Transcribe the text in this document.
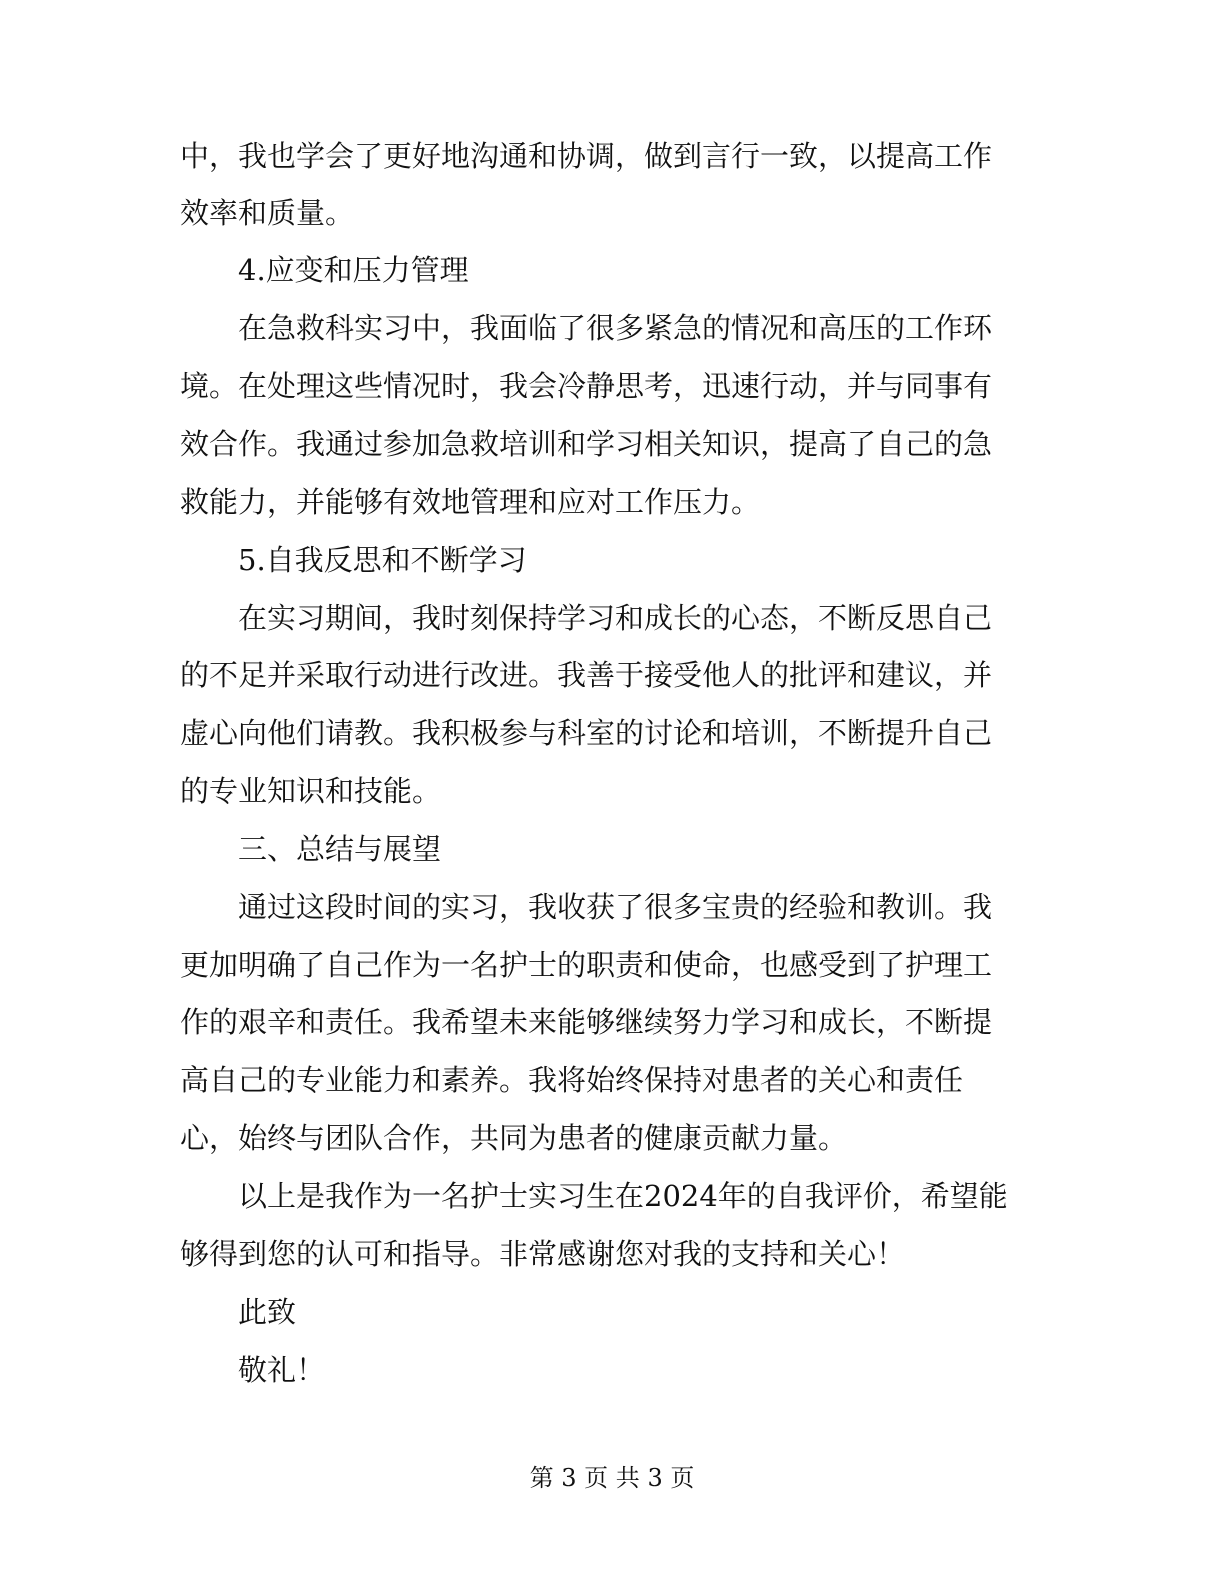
中，我也学会了更好地沟通和协调，做到言行一致，以提高工作
效率和质量。
4.应变和压力管理
在急救科实习中，我面临了很多紧急的情况和高压的工作环
境。在处理这些情况时，我会冷静思考，迅速行动，并与同事有
效合作。我通过参加急救培训和学习相关知识，提高了自己的急
救能力，并能够有效地管理和应对工作压力。
5.自我反思和不断学习
在实习期间，我时刻保持学习和成长的心态，不断反思自己
的不足并采取行动进行改进。我善于接受他人的批评和建议，并
虚心向他们请教。我积极参与科室的讨论和培训，不断提升自己
的专业知识和技能。
三、总结与展望
通过这段时间的实习，我收获了很多宝贵的经验和教训。我
更加明确了自己作为一名护士的职责和使命，也感受到了护理工
作的艰辛和责任。我希望未来能够继续努力学习和成长，不断提
高自己的专业能力和素养。我将始终保持对患者的关心和责任
心，始终与团队合作，共同为患者的健康贡献力量。
以上是我作为一名护士实习生在2024年的自我评价，希望能
够得到您的认可和指导。非常感谢您对我的支持和关心！
此致
敬礼！
第 3 页 共 3 页
